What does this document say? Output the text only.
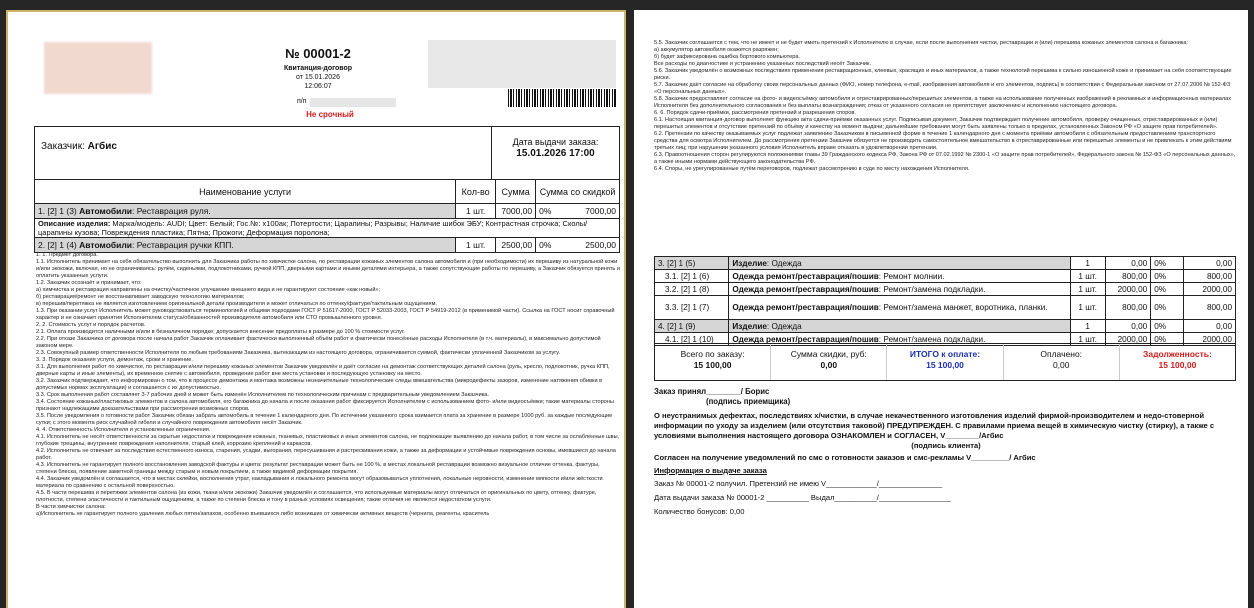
№ 00001-2
Квитанция-договор
от 15.01.2026
12:06:07
п/п
Не срочный
Заказчик: Агбис	Дата выдачи заказа:
15.01.2026 17:00
Наименование услуги	Кол-во	Сумма	Сумма со скидкой
1. [2] 1 (3) Автомобили: Реставрация руля.	1 шт.	7000,00	0% 7000,00

Описание изделия: Марка/модель: AUDI; Цвет: Белый; Гос.№: x100ак; Потертости; Царапины; Разрывы; Наличие шибок ЭБУ; Контрастная строчка; Сколы/царапины кузова; Повреждения пластика; Пятна; Прожоги; Деформация поролона;			
2. [2] 1 (4) Автомобили: Реставрация ручки КПП.	1 шт.	2500,00	0% 2500,00

1. 1. Предмет договора.

1.1. Исполнитель принимает на себя обязательство выполнить для Заказчика работы по химчистке салона, по реставрации кожаных элементов салона автомобиля и (при необходимости) их перешиву из натуральной кожи и/или экокожи, включая, но не ограничиваясь: рулём, сиденьями, подлокотниками, ручкой КПП, дверными картами и иными деталями интерьера, а также сопутствующие работы по перешиву, а Заказчик обязуется принять и оплатить указанные услуги.

1.2. Заказчик осознаёт и принимает, что:

а) химчистка и реставрация направлены на очистку/частичное улучшение внешнего вида и не гарантируют состояние «как новый»;

б) реставрация/ремонт не восстанавливает заводскую технологию материалов;

в) перешив/перетяжка не является изготовлением оригинальной детали производителя и может отличаться по оттенку/фактуре/тактильным ощущениям.

1.3. При оказании услуг Исполнитель может руководствоваться терминологией и общими подходами ГОСТ Р 51617-2000, ГОСТ Р 52033-2003, ГОСТ Р 54919-2012 (в применимой части). Ссылка на ГОСТ носит справочный характер и не означает принятия Исполнителем статуса/обязанностей производителя автомобиля или СТО промышленного уровня.

2. 2. Стоимость услуг и порядок расчетов.

2.1. Оплата производится наличными и/или в безналичном порядке; допускается внесение предоплаты в размере до 100 % стоимости услуг.

2.2. При отказе Заказчика от договора после начала работ Заказчик оплачивает фактически выполненный объём работ и фактически понесённые расходы Исполнителя (в т.ч. материалы), в максимально допустимой законом мере.

2.3. Совокупный размер ответственности Исполнителя по любым требованиям Заказчика, вытекающим из настоящего договора, ограничивается суммой, фактически уплаченной Заказчиком за услугу.

3. 3. Порядок оказания услуги, демонтаж, сроки и хранение.

3.1. Для выполнения работ по химчистке, по реставрации и/или перешиву кожаных элементов Заказчик уведомлён и даёт согласие на демонтаж соответствующих деталей салона (руль, кресло, подлокотник, ручка КПП, дверные карты и иные элементы), их временное снятие с автомобиля, проведение работ вне места установки и последующую установку на место.

3.2. Заказчик подтверждает, что информирован о том, что в процессе демонтажа и монтажа возможны незначительные технологические следы вмешательства (микродефекты зазоров, изменение натяжения обивки в допустимых нормах эксплуатации) и соглашается с их допустимостью.

3.3. Срок выполнения работ составляет 3-7 рабочих дней и может быть изменён Исполнителем по технологическим причинам с предварительным уведомлением Заказчика.

3.4. Состояние кожаных/пластиковых элементов и салона автомобиля, его багажника до начала и после оказания работ фиксируется Исполнителем с использованием фото- и/или видеосъёмки; такие материалы стороны признают надлежащими доказательствами при рассмотрении возможных споров.

3.5. После уведомления о готовности работ Заказчик обязан забрать автомобиль в течение 1 календарного дня. По истечении указанного срока взимается плата за хранение в размере 1000 руб. за каждые последующие сутки; с этого момента риск случайной гибели и случайного повреждения автомобиля несёт Заказчик.

4. 4. Ответственность Исполнителя и установленные ограничения.

4.1. Исполнитель не несёт ответственности за скрытые недостатки и повреждения кожаных, тканевых, пластиковых и иных элементов салона, не подлежащие выявлению до начала работ, в том числе за ослабленные швы, глубокие трещины, внутренние повреждения наполнителя, старый клей, коррозию креплений и каркасов.

4.2. Исполнитель не отвечает за последствия естественного износа, старения, усадки, выгорания, пересушивания и растрескивания кожи, а также за деформации и устойчивые повреждения основы, имевшиеся до начала работ.

4.3. Исполнитель не гарантирует полного восстановления заводской фактуры и цвета: результат реставрации может быть не 100 %, в местах локальной реставрации возможно визуальное отличие оттенка, фактуры, степени блеска, появление заметной границы между старым и новым покрытием, а также видимой деформации покрытия.

4.4. Заказчик уведомлён и соглашается, что в местах склейки, восполнения утрат, накладывания и локального ремонта могут образовываться уплотнения, локальные неровности, изменение мягкости и/или жёсткости материала по сравнению с остальной поверхностью.

4.5. В части перешива и перетяжки элементов салона (из кожи, ткани и/или экокожи) Заказчик уведомлён и соглашается, что используемые материалы могут отличаться от оригинальных по цвету, оттенку, фактуре, плотности, степени эластичности и тактильным ощущениям, а также по степени блеска и тону в разных условиях освещения; такие отличия не являются недостатком услуги.

В части химчистки салона:

а)Исполнитель не гарантирует полного удаления любых пятен/запахов, особенно въевшихся либо возникших от химически активных веществ (чернила, реагенты, краситель

5.5. Заказчик соглашается с тем, что не имеет и не будет иметь претензий к Исполнителю в случае, если после выполнения чистки, реставрации и (или) перешива кожаных элементов салона и багажника:

а) аккумулятор автомобиля окажется разряжен;

б) будет зафиксирована ошибка бортового компьютера.

Все расходы по диагностике и устранению указанных последствий несёт Заказчик.

5.6. Заказчик уведомлён о возможных последствиях применения реставрационных, клеевых, красящих и иных материалов, а также технологий перешива к сильно изношенной коже и принимает на себя соответствующие риски.

5.7. Заказчик даёт согласие на обработку своих персональных данных (ФИО, номер телефона, e-mail, изображения автомобиля и его элементов, подпись) в соответствии с Федеральным законом от 27.07.2006 № 152-ФЗ «О персональных данных».

5.8. Заказчик предоставляет согласие на фото- и видеосъёмку автомобиля и отреставрированных/перешитых элементов, а также на использование полученных изображений в рекламных и информационных материалах Исполнителя без дополнительного согласования и без выплаты вознаграждения; отказ от указанного согласия не препятствует заключению и исполнению настоящего договора.

6. 6. Порядок сдачи-приёмки, рассмотрения претензий и разрешения споров.

6.1. Настоящая квитанция-договор выполняет функцию акта сдачи-приёмки оказанных услуг. Подписывая документ, Заказчик подтверждает получение автомобиля, проверку очищенных, отреставрированных и (или) перешитых элементов и отсутствие претензий по объёму и качеству на момент выдачи; дальнейшие требования могут быть заявлены только в пределах, установленных Законом РФ «О защите прав потребителей».

6.2. Претензии по качеству оказываемых услуг подлежат заявлению Заказчиком в письменной форме в течение 1 календарного дня с момента приёмки автомобиля с обязательным предоставлением транспортного средства для осмотра Исполнителем. До рассмотрения претензии Заказчик обязуется не производить самостоятельное вмешательство в отреставрированные или перешитые элементы и не привлекать к этим действиям третьих лиц; при нарушении указанного условия Исполнитель вправе отказать в удовлетворении претензии.

6.3. Правоотношения сторон регулируются положениями главы 39 Гражданского кодекса РФ, Закона РФ от 07.02.1992 № 2300-1 «О защите прав потребителей», Федерального закона № 152-ФЗ «О персональных данных», а также иными нормами действующего законодательства РФ.

6.4. Споры, не урегулированные путём переговоров, подлежат рассмотрению в суде по месту нахождения Исполнителя.

3. [2] 1 (5)	Изделие: Одежда	1	0,00	0%	0,00
3.1. [2] 1 (6)	Одежда ремонт/реставрация/пошив: Ремонт молнии.	1 шт.	800,00	0%	800,00
3.2. [2] 1 (8)	Одежда ремонт/реставрация/пошив: Ремонт/замена подкладки.	1 шт.	2000,00	0%	2000,00
3.3. [2] 1 (7)	Одежда ремонт/реставрация/пошив: Ремонт/замена манжет, воротника, планки.	1 шт.	800,00	0%	800,00
4. [2] 1 (9)	Изделие: Одежда	1	0,00	0%	0,00
4.1. [2] 1 (10)	Одежда ремонт/реставрация/пошив: Ремонт/замена подкладки.	1 шт.	2000,00	0%	2000,00
Всего по заказу:
15 100,00
Сумма скидки, руб:
0,00
ИТОГО к оплате:
15 100,00
Оплачено:
0,00
Задолженность:
15 100,00
Заказ принял________/ Борис
(подпись приемщика)
О неустранимых дефектах, последствиях х/чистки, в случае некачественного изготовления изделий фирмой-производителем и недо-стоверной информации по уходу за изделием (или отсутствия таковой) ПРЕДУПРЕЖДЕН. С правилами приема вещей в химическую чистку (стирку), а также с условиями выполнения настоящего договора ОЗНАКОМЛЕН и СОГЛАСЕН, V________/Агбис
(подпись клиента)
Согласен на получение уведомлений по смс о готовности заказов и смс-рекламы V_________/ Агбис
Информация о выдаче заказа
Заказ № 00001-2 получил. Претензий не имею V____________/_______________
Дата выдачи заказа № 00001-2 __________ Выдал__________/_________________
Количество бонусов: 0,00
